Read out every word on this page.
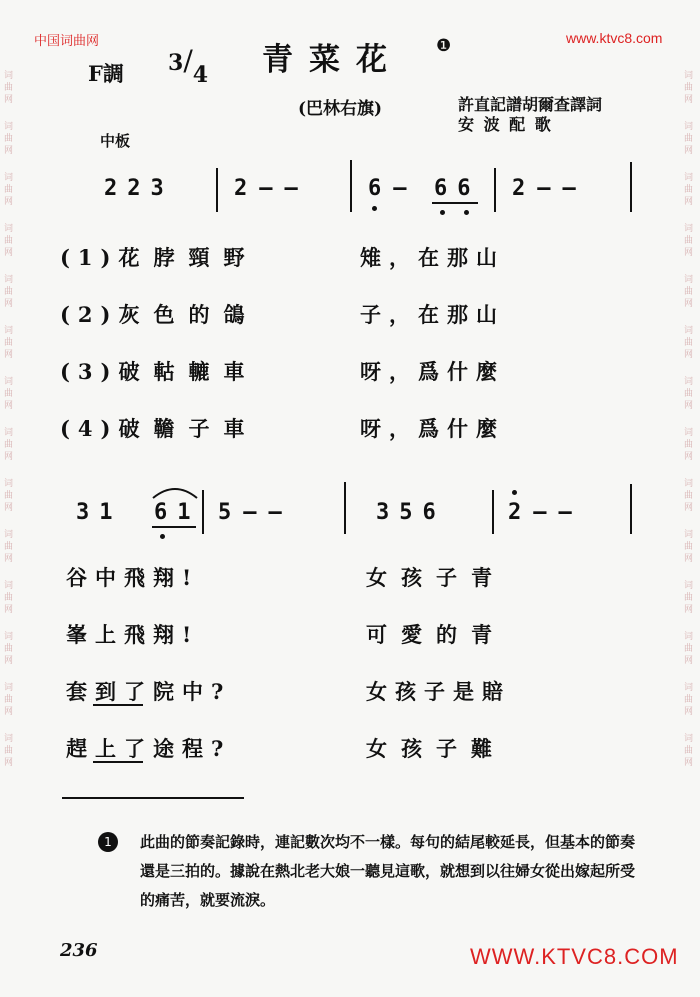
中国词曲网	www.ktvc8.com
词曲网
词曲网
词曲网
词曲网
词曲网
词曲网
词曲网
词曲网
词曲网
词曲网
词曲网
词曲网
词曲网
词曲网
词曲网
词曲网
词曲网
词曲网
词曲网
词曲网
词曲网
词曲网
词曲网
词曲网
词曲网
词曲网
词曲网
词曲网
F調 3/4 青菜花 ❶
(巴林右旗)	許直記譜胡爾查譯詞
安 波 配 歌
中板
223	2——	6— 66 2——
(1)花脖頸野	雉，在那山
(2)灰色的鴿	子，在那山
(3)破軲轆車	呀，爲什麼
(4)破韂子車	呀，爲什麼
31 61 5——	356	2——
谷中飛翔!	女孩子青
峯上飛翔!	可愛的青
套到了院中?	女孩子是賠
趕上了途程?	女孩子難
1	此曲的節奏記錄時，連記數次均不一樣。每句的結尾較延長，但基本的節奏還是三拍的。據說在熱北老大娘一聽見這歌，就想到以往婦女從出嫁起所受的痛苦，就要流淚。
236	WWW.KTVC8.COM
